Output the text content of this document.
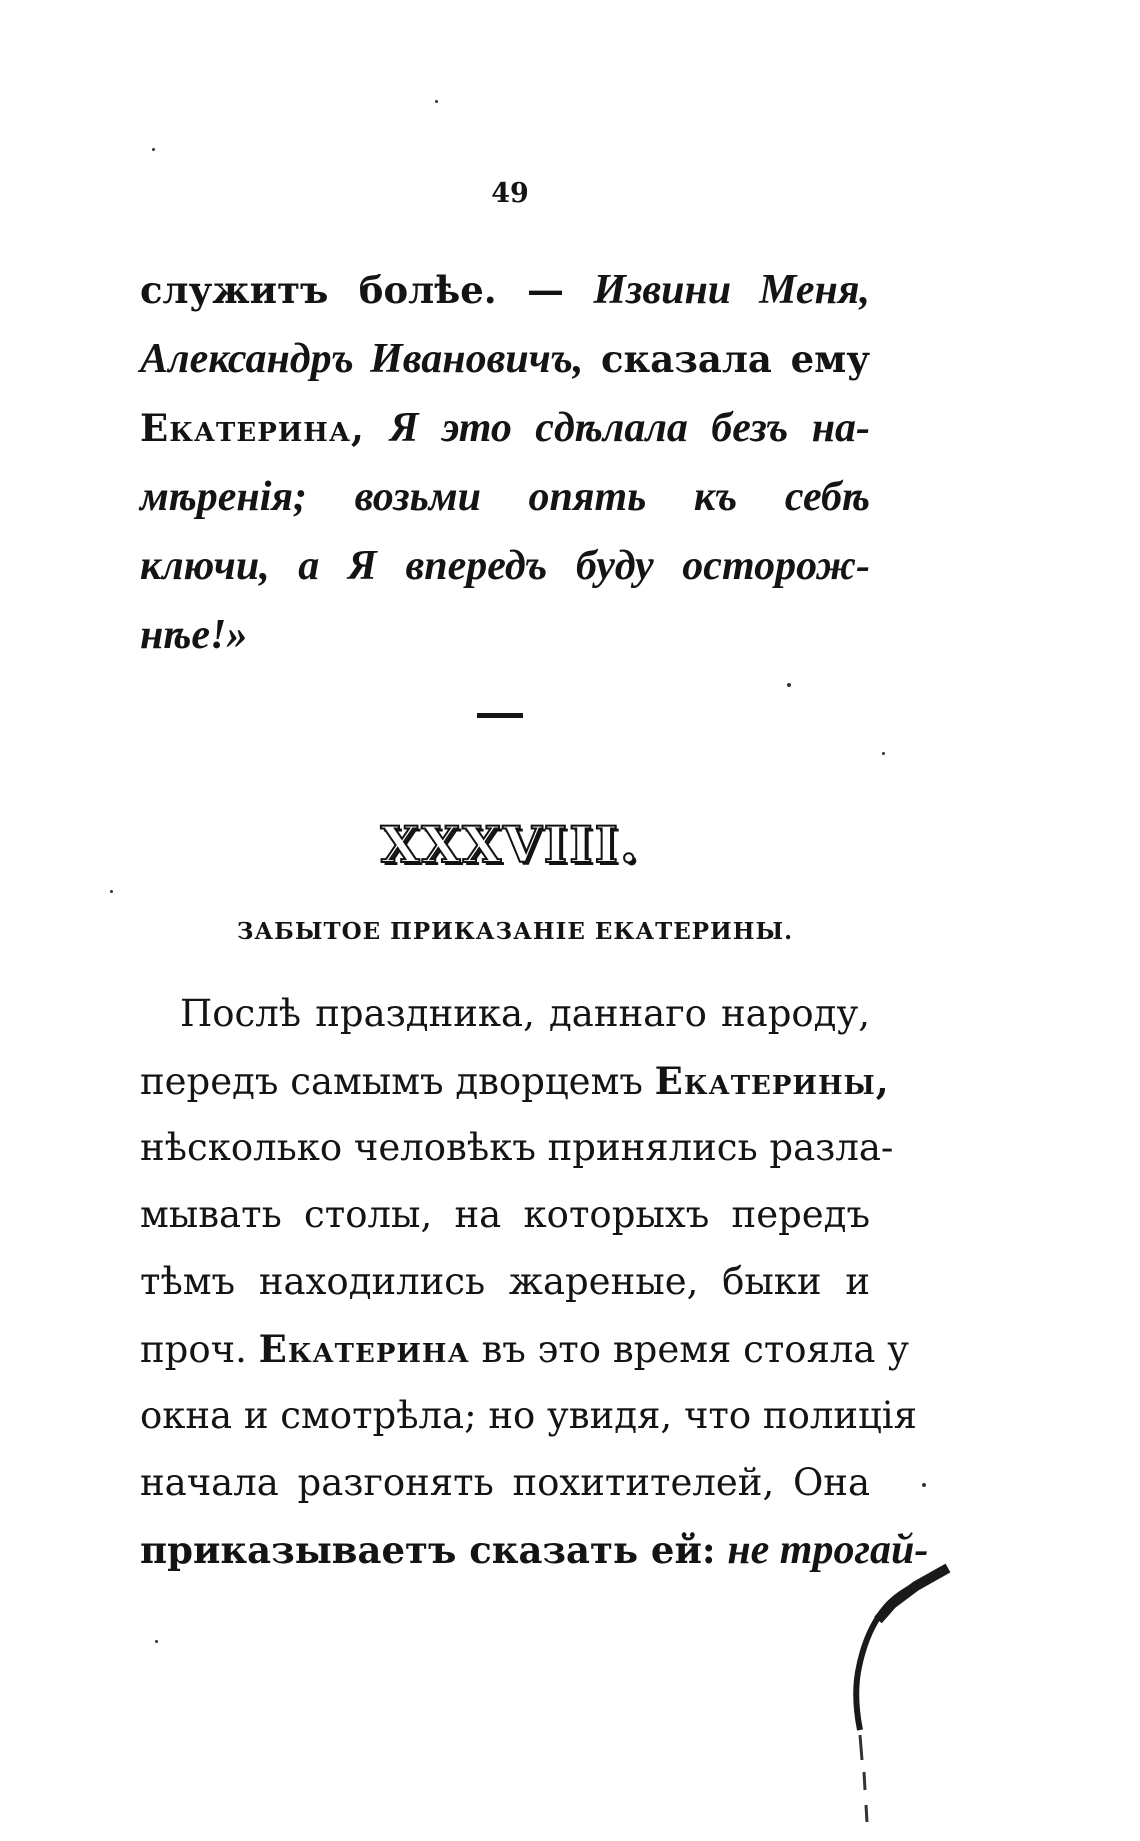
49
служитъ болѣе. — Извини Меня,
Александръ Ивановичъ, сказала ему
Екатерина, Я это сдѣлала безъ на-
мѣренія; возьми опять къ себѣ
ключи, а Я впередъ буду осторож-
нѣе!»
XXXVIII.
ЗАБЫТОЕ ПРИКАЗАНІЕ ЕКАТЕРИНЫ.
Послѣ праздника, даннаго народу,
передъ самымъ дворцемъ Екатерины,
нѣсколько человѣкъ принялись разла-
мывать столы, на которыхъ передъ
тѣмъ находились жареные, быки и
проч. Екатерина въ это время стояла у
окна и смотрѣла; но увидя, что полиція
начала разгонять похитителей, Она
приказываетъ сказать ей: не трогай-
